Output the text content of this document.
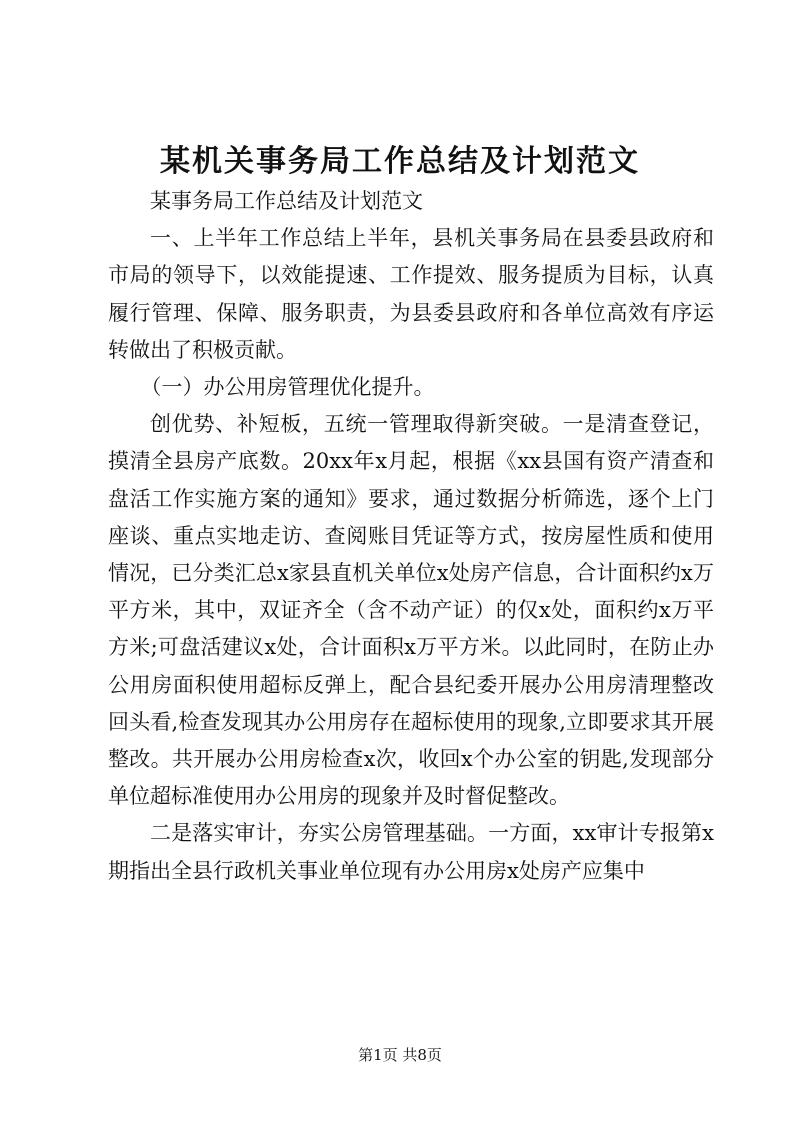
某机关事务局工作总结及计划范文

某事务局工作总结及计划范文

一、上半年工作总结上半年，县机关事务局在县委县政府和市局的领导下，以效能提速、工作提效、服务提质为目标，认真履行管理、保障、服务职责，为县委县政府和各单位高效有序运转做出了积极贡献。

（一）办公用房管理优化提升。

创优势、补短板，五统一管理取得新突破。一是清查登记，摸清全县房产底数。20xx年x月起，根据《xx县国有资产清查和盘活工作实施方案的通知》要求，通过数据分析筛选，逐个上门座谈、重点实地走访、查阅账目凭证等方式，按房屋性质和使用情况，已分类汇总x家县直机关单位x处房产信息，合计面积约x万平方米，其中，双证齐全（含不动产证）的仅x处，面积约x万平方米;可盘活建议x处，合计面积x万平方米。以此同时，在防止办公用房面积使用超标反弹上，配合县纪委开展办公用房清理整改回头看,检查发现其办公用房存在超标使用的现象,立即要求其开展整改。共开展办公用房检查x次，收回x个办公室的钥匙,发现部分单位超标准使用办公用房的现象并及时督促整改。

二是落实审计，夯实公房管理基础。一方面，xx审计专报第x期指出全县行政机关事业单位现有办公用房x处房产应集中

第1页 共8页
